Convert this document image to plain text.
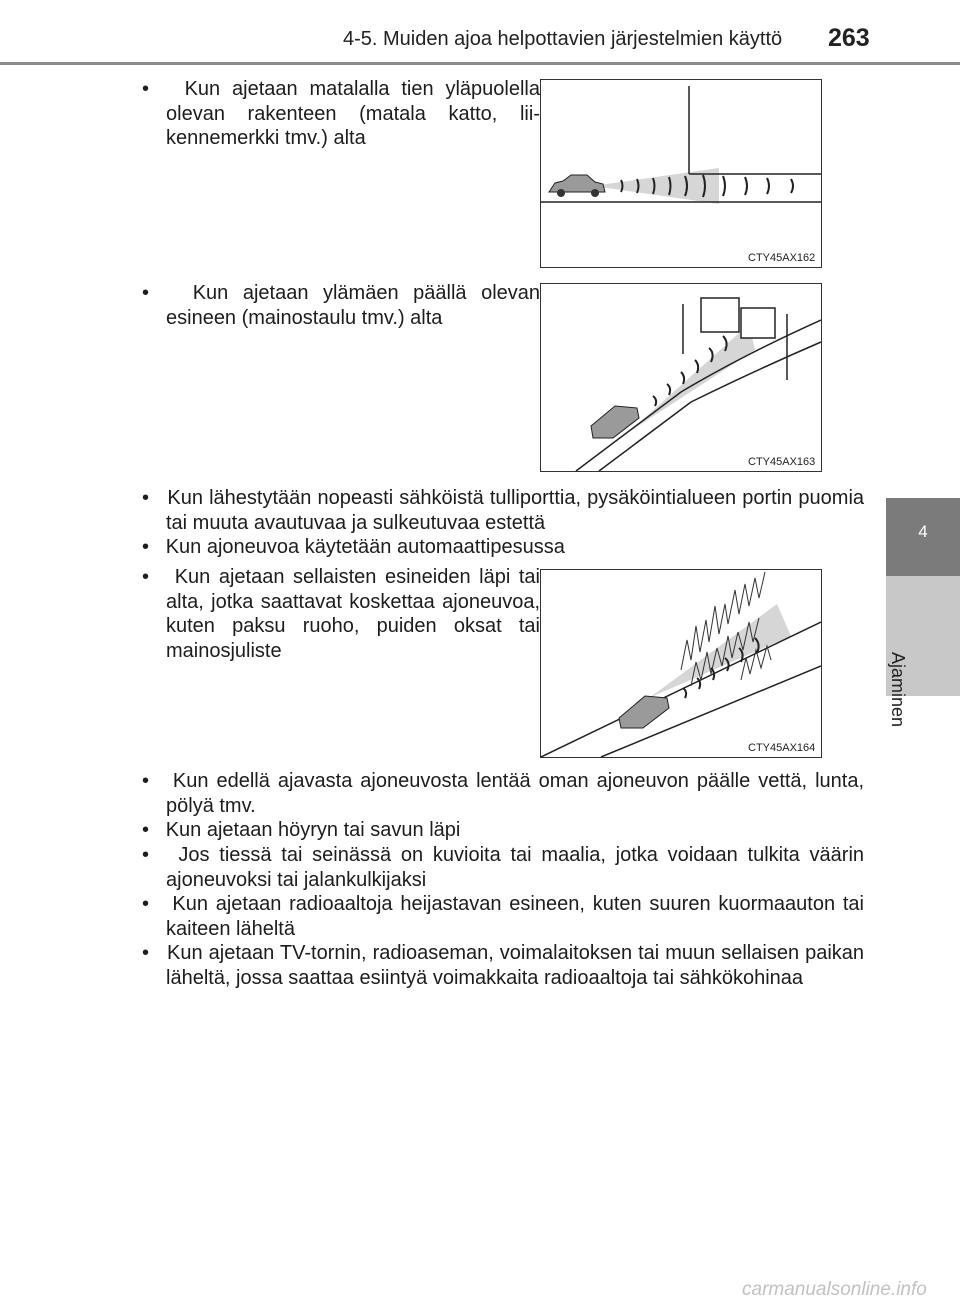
4-5. Muiden ajoa helpottavien järjestelmien käyttö 263
4
Ajaminen
• Kun ajetaan matalalla tien yläpuolella olevan rakenteen (matala katto, liikennemerkki tmv.) alta
• Kun ajetaan ylämäen päällä olevan esineen (mainostaulu tmv.) alta
• Kun lähestytään nopeasti sähköistä tulliporttia, pysäköintialueen portin puomia tai muuta avautuvaa ja sulkeutuvaa estettä
• Kun ajoneuvoa käytetään automaattipesussa
• Kun ajetaan sellaisten esineiden läpi tai alta, jotka saattavat koskettaa ajoneuvoa, kuten paksu ruoho, puiden oksat tai mainosjuliste
• Kun edellä ajavasta ajoneuvosta lentää oman ajoneuvon päälle vettä, lunta, pölyä tmv.
• Kun ajetaan höyryn tai savun läpi
• Jos tiessä tai seinässä on kuvioita tai maalia, jotka voidaan tulkita väärin ajoneuvoksi tai jalankulkijaksi
• Kun ajetaan radioaaltoja heijastavan esineen, kuten suuren kuormaauton tai kaiteen läheltä
• Kun ajetaan TV-tornin, radioaseman, voimalaitoksen tai muun sellaisen paikan läheltä, jossa saattaa esiintyä voimakkaita radioaaltoja tai sähkökohinaa
CTY45AX162
CTY45AX163
CTY45AX164
carmanualsonline.info
